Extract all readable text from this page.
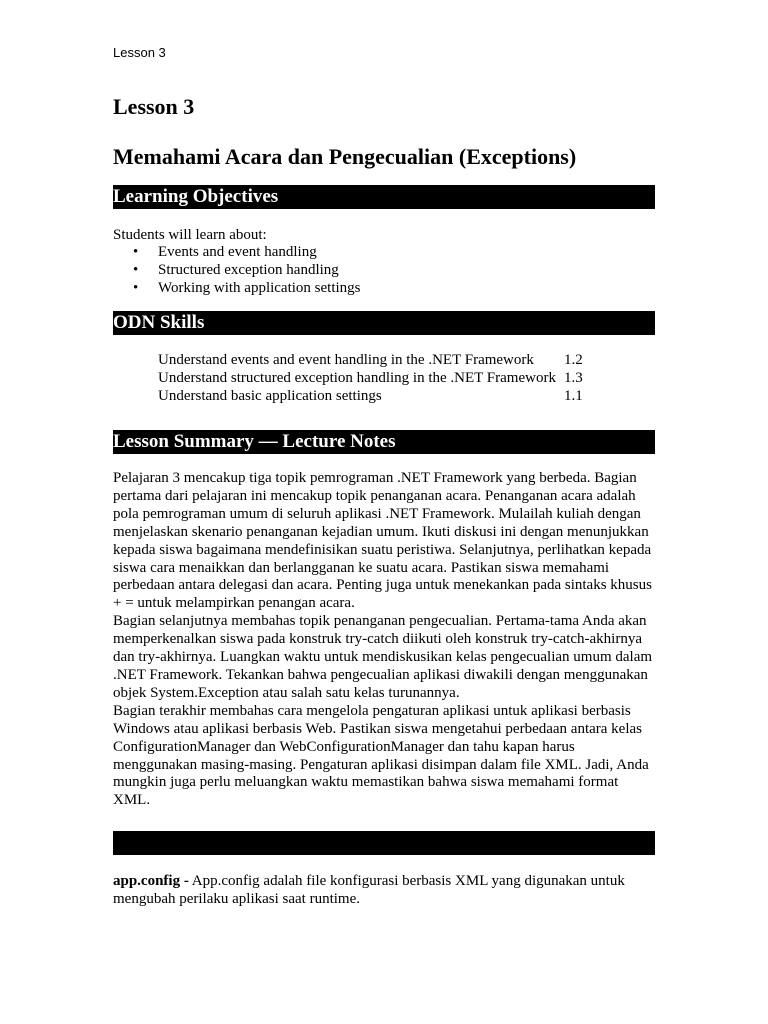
Lesson 3
Lesson 3
Memahami Acara dan Pengecualian (Exceptions)
Learning Objectives
Students will learn about:
• Events and event handling
• Structured exception handling
• Working with application settings
ODN Skills
Understand events and event handling in the .NET Framework	1.2
Understand structured exception handling in the .NET Framework	1.3
Understand basic application settings	1.1
Lesson Summary — Lecture Notes

Pelajaran 3 mencakup tiga topik pemrograman .NET Framework yang berbeda. Bagian pertama dari pelajaran ini mencakup topik penanganan acara. Penanganan acara adalah pola pemrograman umum di seluruh aplikasi .NET Framework. Mulailah kuliah dengan menjelaskan skenario penanganan kejadian umum. Ikuti diskusi ini dengan menunjukkan kepada siswa bagaimana mendefinisikan suatu peristiwa. Selanjutnya, perlihatkan kepada siswa cara menaikkan dan berlangganan ke suatu acara. Pastikan siswa memahami perbedaan antara delegasi dan acara. Penting juga untuk menekankan pada sintaks khusus + = untuk melampirkan penangan acara.

Bagian selanjutnya membahas topik penanganan pengecualian. Pertama-tama Anda akan memperkenalkan siswa pada konstruk try-catch diikuti oleh konstruk try-catch-akhirnya dan try-akhirnya. Luangkan waktu untuk mendiskusikan kelas pengecualian umum dalam .NET Framework. Tekankan bahwa pengecualian aplikasi diwakili dengan menggunakan objek System.Exception atau salah satu kelas turunannya.

Bagian terakhir membahas cara mengelola pengaturan aplikasi untuk aplikasi berbasis Windows atau aplikasi berbasis Web. Pastikan siswa mengetahui perbedaan antara kelas ConfigurationManager dan WebConfigurationManager dan tahu kapan harus menggunakan masing-masing. Pengaturan aplikasi disimpan dalam file XML. Jadi, Anda mungkin juga perlu meluangkan waktu memastikan bahwa siswa memahami format XML.

app.config - App.config adalah file konfigurasi berbasis XML yang digunakan untuk mengubah perilaku aplikasi saat runtime.
